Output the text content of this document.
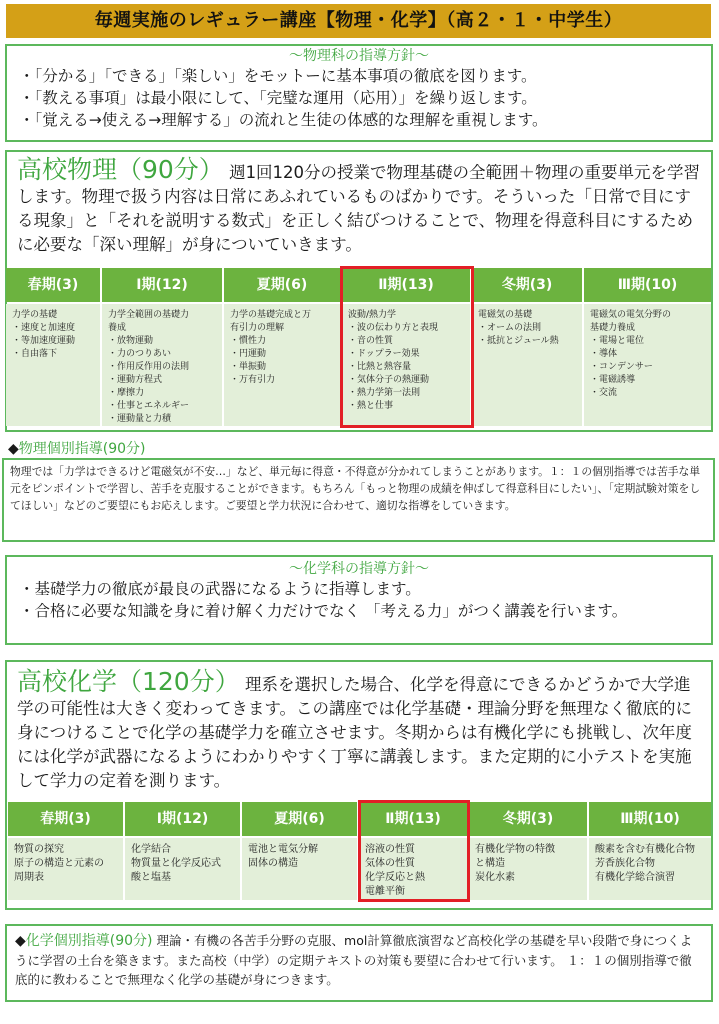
毎週実施のレギュラー講座【物理・化学】（高２・１・中学生）
～物理科の指導方針～
・「分かる」「できる」「楽しい」をモットーに基本事項の徹底を図ります。
・「教える事項」は最小限にして、「完璧な運用（応用）」を繰り返します。
・「覚える→使える→理解する」の流れと生徒の体感的な理解を重視します。
高校物理（90分） 週1回120分の授業で物理基礎の全範囲＋物理の重要単元を学習します。物理で扱う内容は日常にあふれているものばかりです。そういった「日常で目にする現象」と「それを説明する数式」を正しく結びつけることで、物理を得意科目にするために必要な「深い理解」が身についていきます。
春期(3)
力学の基礎
・速度と加速度
・等加速度運動
・自由落下
Ⅰ期(12)
力学全範囲の基礎力
養成
・放物運動
・力のつりあい
・作用反作用の法則
・運動方程式
・摩擦力
・仕事とエネルギー
・運動量と力積
夏期(6)
力学の基礎完成と万
有引力の理解
・慣性力
・円運動
・単振動
・万有引力
Ⅱ期(13)
波動/熱力学
・波の伝わり方と表現
・音の性質
・ドップラー効果
・比熱と熱容量
・気体分子の熱運動
・熱力学第一法則
・熱と仕事
冬期(3)
電磁気の基礎
・オームの法則
・抵抗とジュール熱
Ⅲ期(10)
電磁気の電気分野の
基礎力養成
・電場と電位
・導体
・コンデンサー
・電磁誘導
・交流
◆物理個別指導(90分)
物理では「力学はできるけど電磁気が不安…」など、単元毎に得意・不得意が分かれてしまうことがあります。１：１の個別指導では苦手な単元をピンポイントで学習し、苦手を克服することができます。もちろん「もっと物理の成績を伸ばして得意科目にしたい」、「定期試験対策をしてほしい」などのご要望にもお応えします。ご要望と学力状況に合わせて、適切な指導をしていきます。
～化学科の指導方針～
・基礎学力の徹底が最良の武器になるように指導します。
・合格に必要な知識を身に着け解く力だけでなく 「考える力」がつく講義を行います。
高校化学（120分） 理系を選択した場合、化学を得意にできるかどうかで大学進学の可能性は大きく変わってきます。この講座では化学基礎・理論分野を無理なく徹底的に身につけることで化学の基礎学力を確立させます。冬期からは有機化学にも挑戦し、次年度には化学が武器になるようにわかりやすく丁寧に講義します。また定期的に小テストを実施して学力の定着を測ります。
春期(3)
物質の探究
原子の構造と元素の
周期表
Ⅰ期(12)
化学結合
物質量と化学反応式
酸と塩基
夏期(6)
電池と電気分解
固体の構造
Ⅱ期(13)
溶液の性質
気体の性質
化学反応と熱
電離平衡
冬期(3)
有機化学物の特徴
と構造
炭化水素
Ⅲ期(10)
酸素を含む有機化合物
芳香族化合物
有機化学総合演習
◆化学個別指導(90分) 理論・有機の各苦手分野の克服、mol計算徹底演習など高校化学の基礎を早い段階で身につくように学習の土台を築きます。また高校（中学）の定期テキストの対策も要望に合わせて行います。 １：１の個別指導で徹底的に教わることで無理なく化学の基礎が身につきます。
